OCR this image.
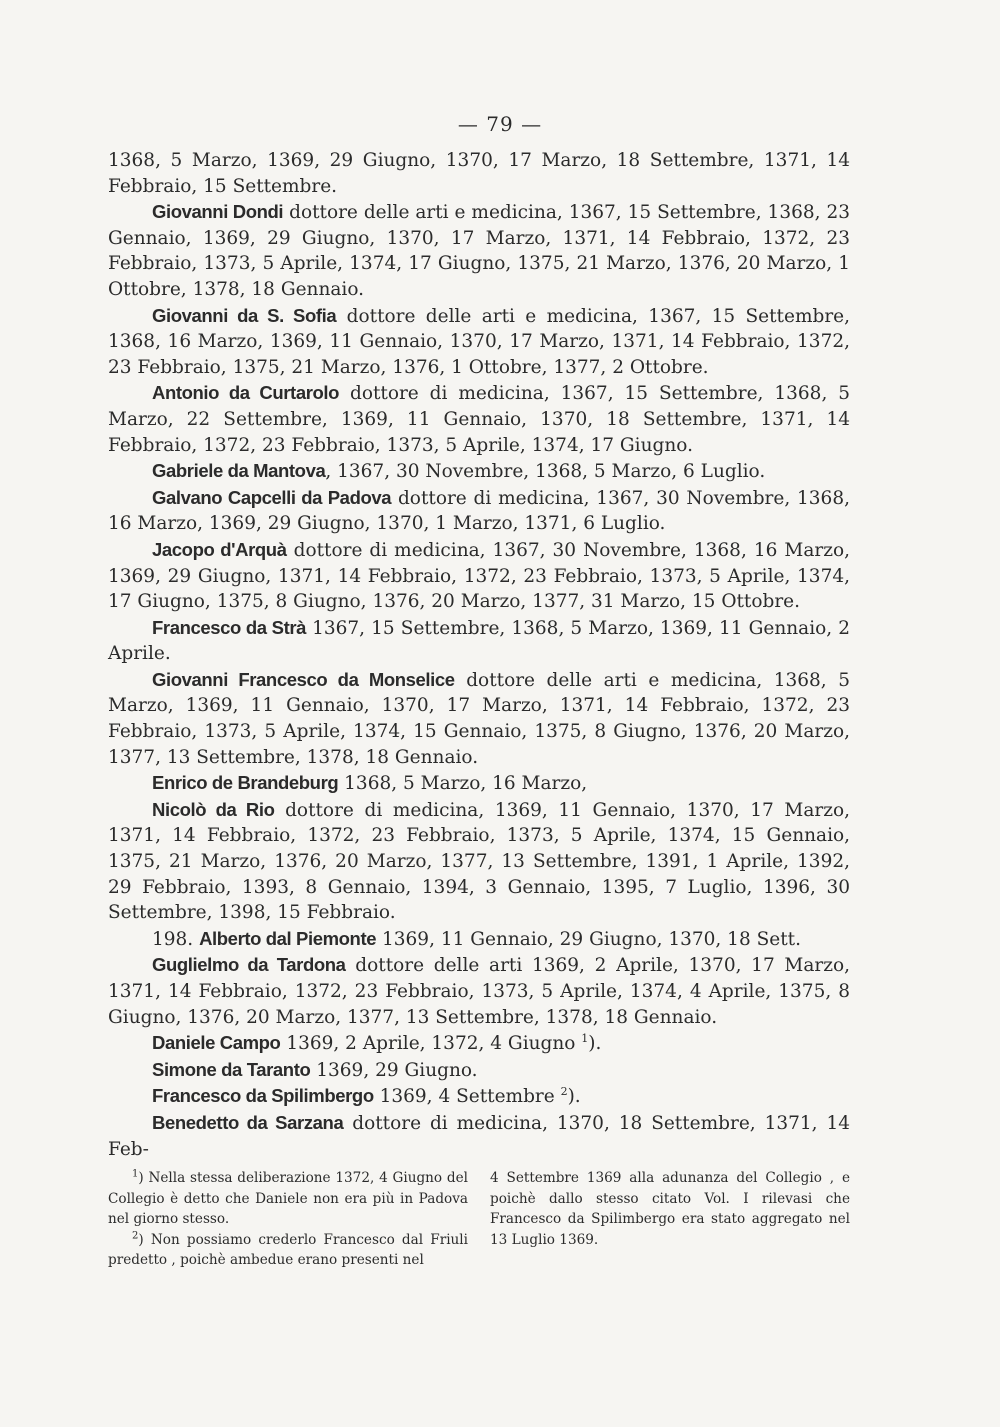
— 79 —

1368, 5 Marzo, 1369, 29 Giugno, 1370, 17 Marzo, 18 Settembre, 1371, 14 Febbraio, 15 Settembre.

Giovanni Dondi dottore delle arti e medicina, 1367, 15 Settembre, 1368, 23 Gennaio, 1369, 29 Giugno, 1370, 17 Marzo, 1371, 14 Febbraio, 1372, 23 Febbraio, 1373, 5 Aprile, 1374, 17 Giugno, 1375, 21 Marzo, 1376, 20 Marzo, 1 Ottobre, 1378, 18 Gennaio.

Giovanni da S. Sofia dottore delle arti e medicina, 1367, 15 Settembre, 1368, 16 Marzo, 1369, 11 Gennaio, 1370, 17 Marzo, 1371, 14 Febbraio, 1372, 23 Febbraio, 1375, 21 Marzo, 1376, 1 Ottobre, 1377, 2 Ottobre.

Antonio da Curtarolo dottore di medicina, 1367, 15 Settembre, 1368, 5 Marzo, 22 Settembre, 1369, 11 Gennaio, 1370, 18 Settembre, 1371, 14 Febbraio, 1372, 23 Febbraio, 1373, 5 Aprile, 1374, 17 Giugno.

Gabriele da Mantova, 1367, 30 Novembre, 1368, 5 Marzo, 6 Luglio.

Galvano Capcelli da Padova dottore di medicina, 1367, 30 Novembre, 1368, 16 Marzo, 1369, 29 Giugno, 1370, 1 Marzo, 1371, 6 Luglio.

Jacopo d'Arquà dottore di medicina, 1367, 30 Novembre, 1368, 16 Marzo, 1369, 29 Giugno, 1371, 14 Febbraio, 1372, 23 Febbraio, 1373, 5 Aprile, 1374, 17 Giugno, 1375, 8 Giugno, 1376, 20 Marzo, 1377, 31 Marzo, 15 Ottobre.

Francesco da Strà 1367, 15 Settembre, 1368, 5 Marzo, 1369, 11 Gennaio, 2 Aprile.

Giovanni Francesco da Monselice dottore delle arti e medicina, 1368, 5 Marzo, 1369, 11 Gennaio, 1370, 17 Marzo, 1371, 14 Febbraio, 1372, 23 Febbraio, 1373, 5 Aprile, 1374, 15 Gennaio, 1375, 8 Giugno, 1376, 20 Marzo, 1377, 13 Settembre, 1378, 18 Gennaio.

Enrico de Brandeburg 1368, 5 Marzo, 16 Marzo,

Nicolò da Rio dottore di medicina, 1369, 11 Gennaio, 1370, 17 Marzo, 1371, 14 Febbraio, 1372, 23 Febbraio, 1373, 5 Aprile, 1374, 15 Gennaio, 1375, 21 Marzo, 1376, 20 Marzo, 1377, 13 Settembre, 1391, 1 Aprile, 1392, 29 Febbraio, 1393, 8 Gennaio, 1394, 3 Gennaio, 1395, 7 Luglio, 1396, 30 Settembre, 1398, 15 Febbraio.

198. Alberto dal Piemonte 1369, 11 Gennaio, 29 Giugno, 1370, 18 Sett.

Guglielmo da Tardona dottore delle arti 1369, 2 Aprile, 1370, 17 Marzo, 1371, 14 Febbraio, 1372, 23 Febbraio, 1373, 5 Aprile, 1374, 4 Aprile, 1375, 8 Giugno, 1376, 20 Marzo, 1377, 13 Settembre, 1378, 18 Gennaio.

Daniele Campo 1369, 2 Aprile, 1372, 4 Giugno $^1$).

Simone da Taranto 1369, 29 Giugno.

Francesco da Spilimbergo 1369, 4 Settembre $^2$).

Benedetto da Sarzana dottore di medicina, 1370, 18 Settembre, 1371, 14 Feb-

$^1$) Nella stessa deliberazione 1372, 4 Giugno del Collegio è detto che Daniele non era più in Padova nel giorno stesso.

$^2$) Non possiamo crederlo Francesco dal Friuli predetto , poichè ambedue erano presenti nel

4 Settembre 1369 alla adunanza del Collegio , e poichè dallo stesso citato Vol. I rilevasi che Francesco da Spilimbergo era stato aggregato nel 13 Luglio 1369.
